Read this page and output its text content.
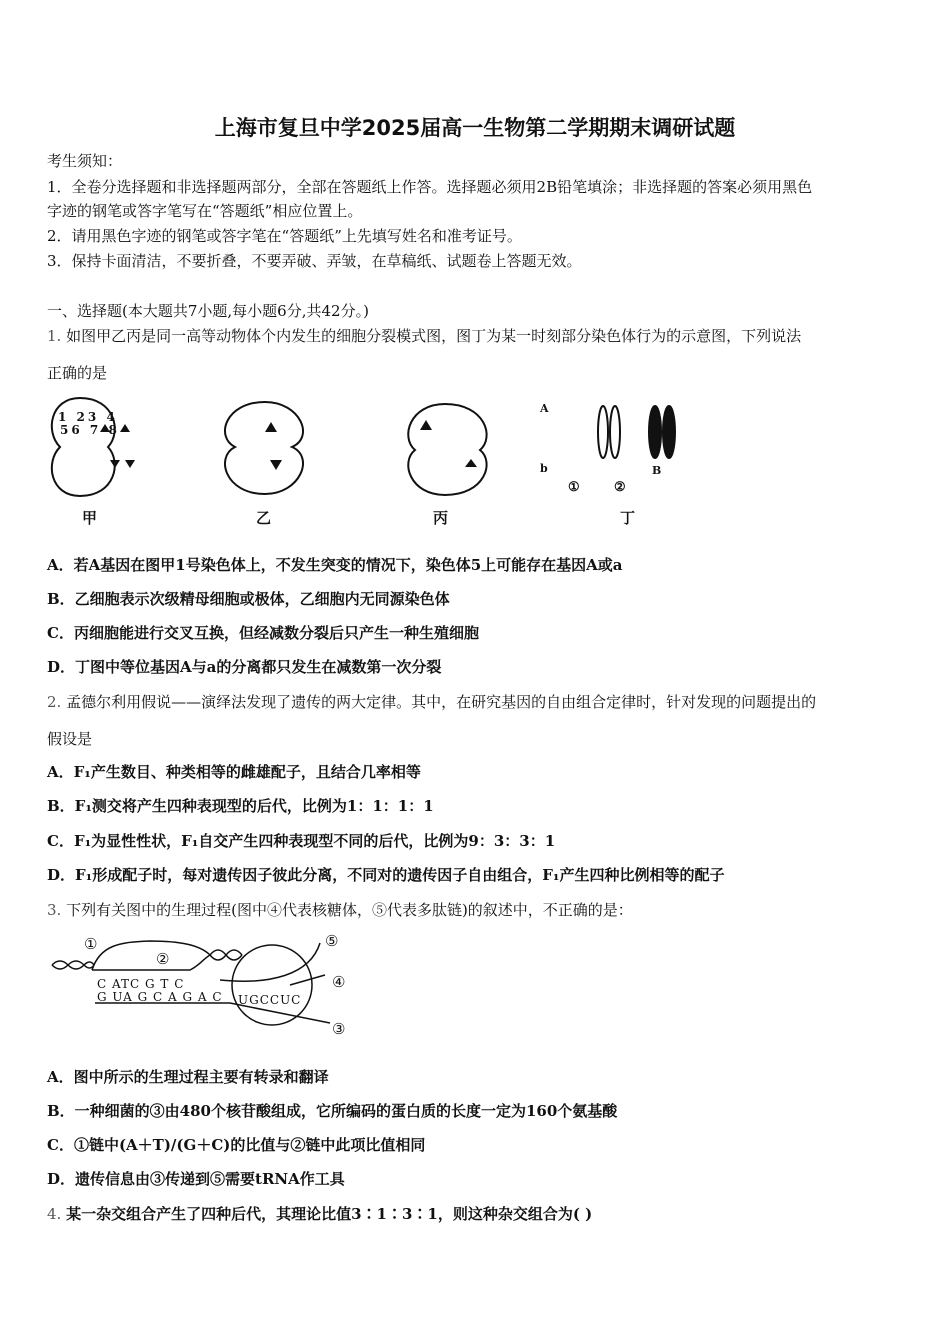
上海市复旦中学2025届高一生物第二学期期末调研试题
考生须知：
1．全卷分选择题和非选择题两部分，全部在答题纸上作答。选择题必须用2B铅笔填涂；非选择题的答案必须用黑色
字迹的钢笔或答字笔写在“答题纸”相应位置上。
2．请用黑色字迹的钢笔或答字笔在“答题纸”上先填写姓名和准考证号。
3．保持卡面清洁，不要折叠，不要弄破、弄皱，在草稿纸、试题卷上答题无效。
一、选择题(本大题共7小题,每小题6分,共42分。)
1. 如图甲乙丙是同一高等动物体个内发生的细胞分裂模式图，图丁为某一时刻部分染色体行为的示意图，下列说法
正确的是
1 23 4
56 7 8
A	a
b	B
①	②
甲	乙	丙	丁
A．若A基因在图甲1号染色体上，不发生突变的情况下，染色体5上可能存在基因A或a
B．乙细胞表示次级精母细胞或极体，乙细胞内无同源染色体
C．丙细胞能进行交叉互换，但经减数分裂后只产生一种生殖细胞
D．丁图中等位基因A与a的分离都只发生在减数第一次分裂
2. 孟德尔利用假说——演绎法发现了遗传的两大定律。其中，在研究基因的自由组合定律时，针对发现的问题提出的
假设是
A．F₁产生数目、种类相等的雌雄配子，且结合几率相等
B．F₁测交将产生四种表现型的后代，比例为1：1：1：1
C．F₁为显性性状，F₁自交产生四种表现型不同的后代，比例为9：3：3：1
D．F₁形成配子时，每对遗传因子彼此分离，不同对的遗传因子自由组合，F₁产生四种比例相等的配子
3. 下列有关图中的生理过程(图中④代表核糖体，⑤代表多肽链)的叙述中，不正确的是：
①
②
③
④
⑤
C ATC G T C
G UA G C A G A C UGCCUC
A．图中所示的生理过程主要有转录和翻译
B．一种细菌的③由480个核苷酸组成，它所编码的蛋白质的长度一定为160个氨基酸
C．①链中(A＋T)/(G＋C)的比值与②链中此项比值相同
D．遗传信息由③传递到⑤需要tRNA作工具
4. 某一杂交组合产生了四种后代，其理论比值3∶1∶3∶1，则这种杂交组合为( )
